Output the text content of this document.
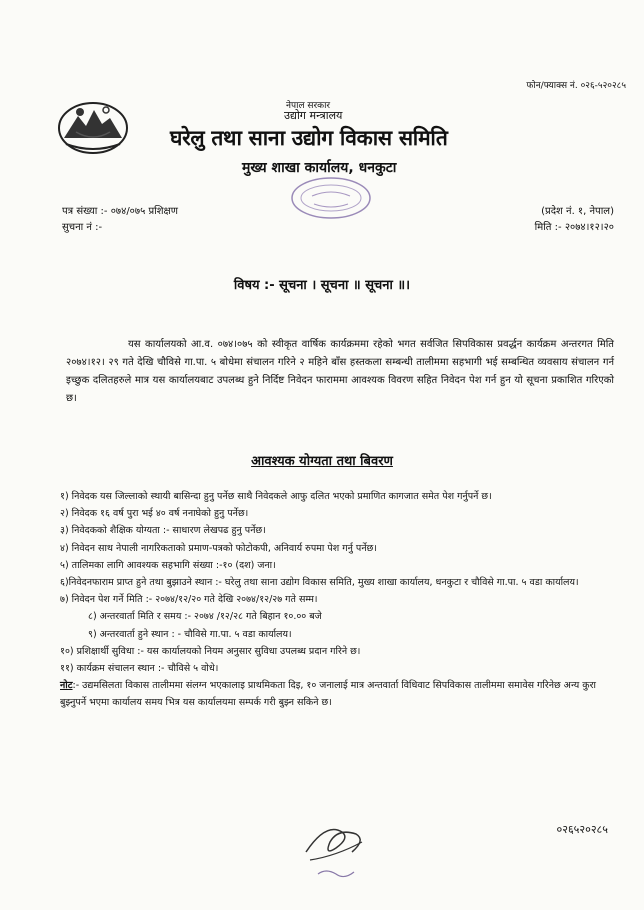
फोन/फ्याक्स नं. ०२६-५२०२८५
नेपाल सरकार
उद्योग मन्त्रालय
घरेलु तथा साना उद्योग विकास समिति
मुख्य शाखा कार्यालय, धनकुटा
पत्र संख्या :- ०७४/०७५ प्रशिक्षण
सुचना नं :-
(प्रदेश नं. १, नेपाल)
मिति :- २०७४।१२।२०
विषय :- सूचना । सूचना ॥ सूचना ॥।
यस कार्यालयको आ.व. ०७४।०७५ को स्वीकृत वार्षिक कार्यक्रममा रहेको भगत सर्वजित सिपविकास प्रवर्द्धन कार्यक्रम अन्तरगत मिति २०७४।१२। २९ गते देखि चौविसे गा.पा. ५ बोधेमा संचालन गरिने २ महिने बाँस हस्तकला सम्बन्धी तालीममा सहभागी भई सम्बन्धित व्यवसाय संचालन गर्न इच्छुक दलितहरुले मात्र यस कार्यालयबाट उपलब्ध हुने निर्दिष्ट निवेदन फाराममा आवश्यक विवरण सहित निवेदन पेश गर्न हुन यो सूचना प्रकाशित गरिएको छ।
आवश्यक योग्यता तथा बिवरण
१) निवेदक यस जिल्लाको स्थायी बासिन्दा हुनु पर्नेछ साथै निवेदकले आफु दलित भएको प्रमाणित कागजात समेत पेश गर्नुपर्ने छ।
२) निवेदक १६ वर्ष पुरा भई ४० वर्ष ननाघेको हुनु पर्नेछ।
३) निवेदकको शैक्षिक योग्यता :- साधारण लेखपढ हुनु पर्नेछ।
४) निवेदन साथ नेपाली नागरिकताको प्रमाण-पत्रको फोटोकपी, अनिवार्य रुपमा पेश गर्नु पर्नेछ।
५) तालिमका लागि आवश्यक सहभागि संख्या :-१० (दश) जना।
६)निवेदनफाराम प्राप्त हुने तथा बुझाउने स्थान :- घरेलु तथा साना उद्योग विकास समिति, मुख्य शाखा कार्यालय, धनकुटा र चौविसे गा.पा. ५ वडा कार्यालय।
७) निवेदन पेश गर्ने मिति :- २०७४/१२/२० गते देखि २०७४/१२/२७ गते सम्म।
८) अन्तरवार्ता मिति र समय :- २०७४ /१२/२८ गते बिहान १०.०० बजे
९) अन्तरवार्ता हुने स्थान : - चौविसे गा.पा. ५ वडा कार्यालय।
१०) प्रशिक्षार्थी सुविधा :- यस कार्यालयको नियम अनुसार सुविधा उपलब्ध प्रदान गरिने छ।
११) कार्यक्रम संचालन स्थान :- चौविसे ५ वोधे।
नोट:- उद्यमसिलता विकास तालीममा संलग्न भएकालाइ प्राथमिकता दिइ, १० जनालाई मात्र अन्तवार्ता विधिवाट सिपविकास तालीममा समावेस गरिनेछ अन्य कुरा बुझ्नुपर्ने भएमा कार्यालय समय भित्र यस कार्यालयमा सम्पर्क गरी बुझ्न सकिने छ।
०२६५२०२८५
